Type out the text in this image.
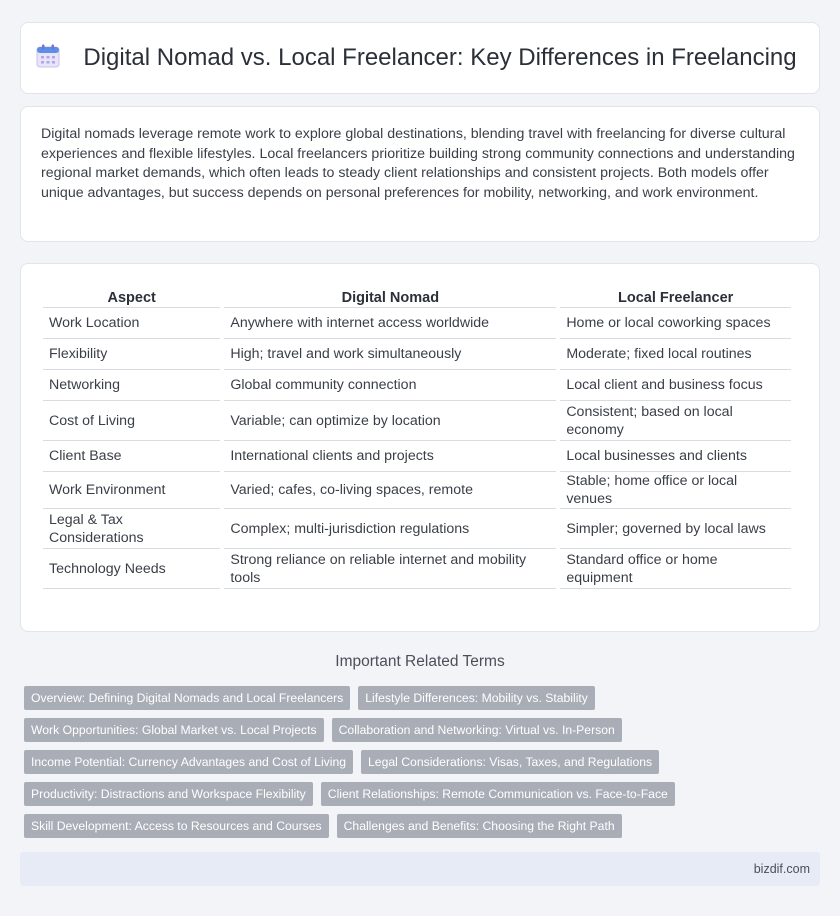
Digital Nomad vs. Local Freelancer: Key Differences in Freelancing

Digital nomads leverage remote work to explore global destinations, blending travel with freelancing for diverse cultural experiences and flexible lifestyles. Local freelancers prioritize building strong community connections and understanding regional market demands, which often leads to steady client relationships and consistent projects. Both models offer unique advantages, but success depends on personal preferences for mobility, networking, and work environment.

Aspect	Digital Nomad	Local Freelancer
Work Location	Anywhere with internet access worldwide	Home or local coworking spaces
Flexibility	High; travel and work simultaneously	Moderate; fixed local routines
Networking	Global community connection	Local client and business focus
Cost of Living	Variable; can optimize by location	Consistent; based on local economy
Client Base	International clients and projects	Local businesses and clients
Work Environment	Varied; cafes, co-living spaces, remote	Stable; home office or local venues
Legal & Tax Considerations	Complex; multi-jurisdiction regulations	Simpler; governed by local laws
Technology Needs	Strong reliance on reliable internet and mobility tools	Standard office or home equipment
Important Related Terms
Overview: Defining Digital Nomads and Local Freelancers	Lifestyle Differences: Mobility vs. Stability
Work Opportunities: Global Market vs. Local Projects	Collaboration and Networking: Virtual vs. In-Person
Income Potential: Currency Advantages and Cost of Living	Legal Considerations: Visas, Taxes, and Regulations
Productivity: Distractions and Workspace Flexibility	Client Relationships: Remote Communication vs. Face-to-Face
Skill Development: Access to Resources and Courses	Challenges and Benefits: Choosing the Right Path
bizdif.com
